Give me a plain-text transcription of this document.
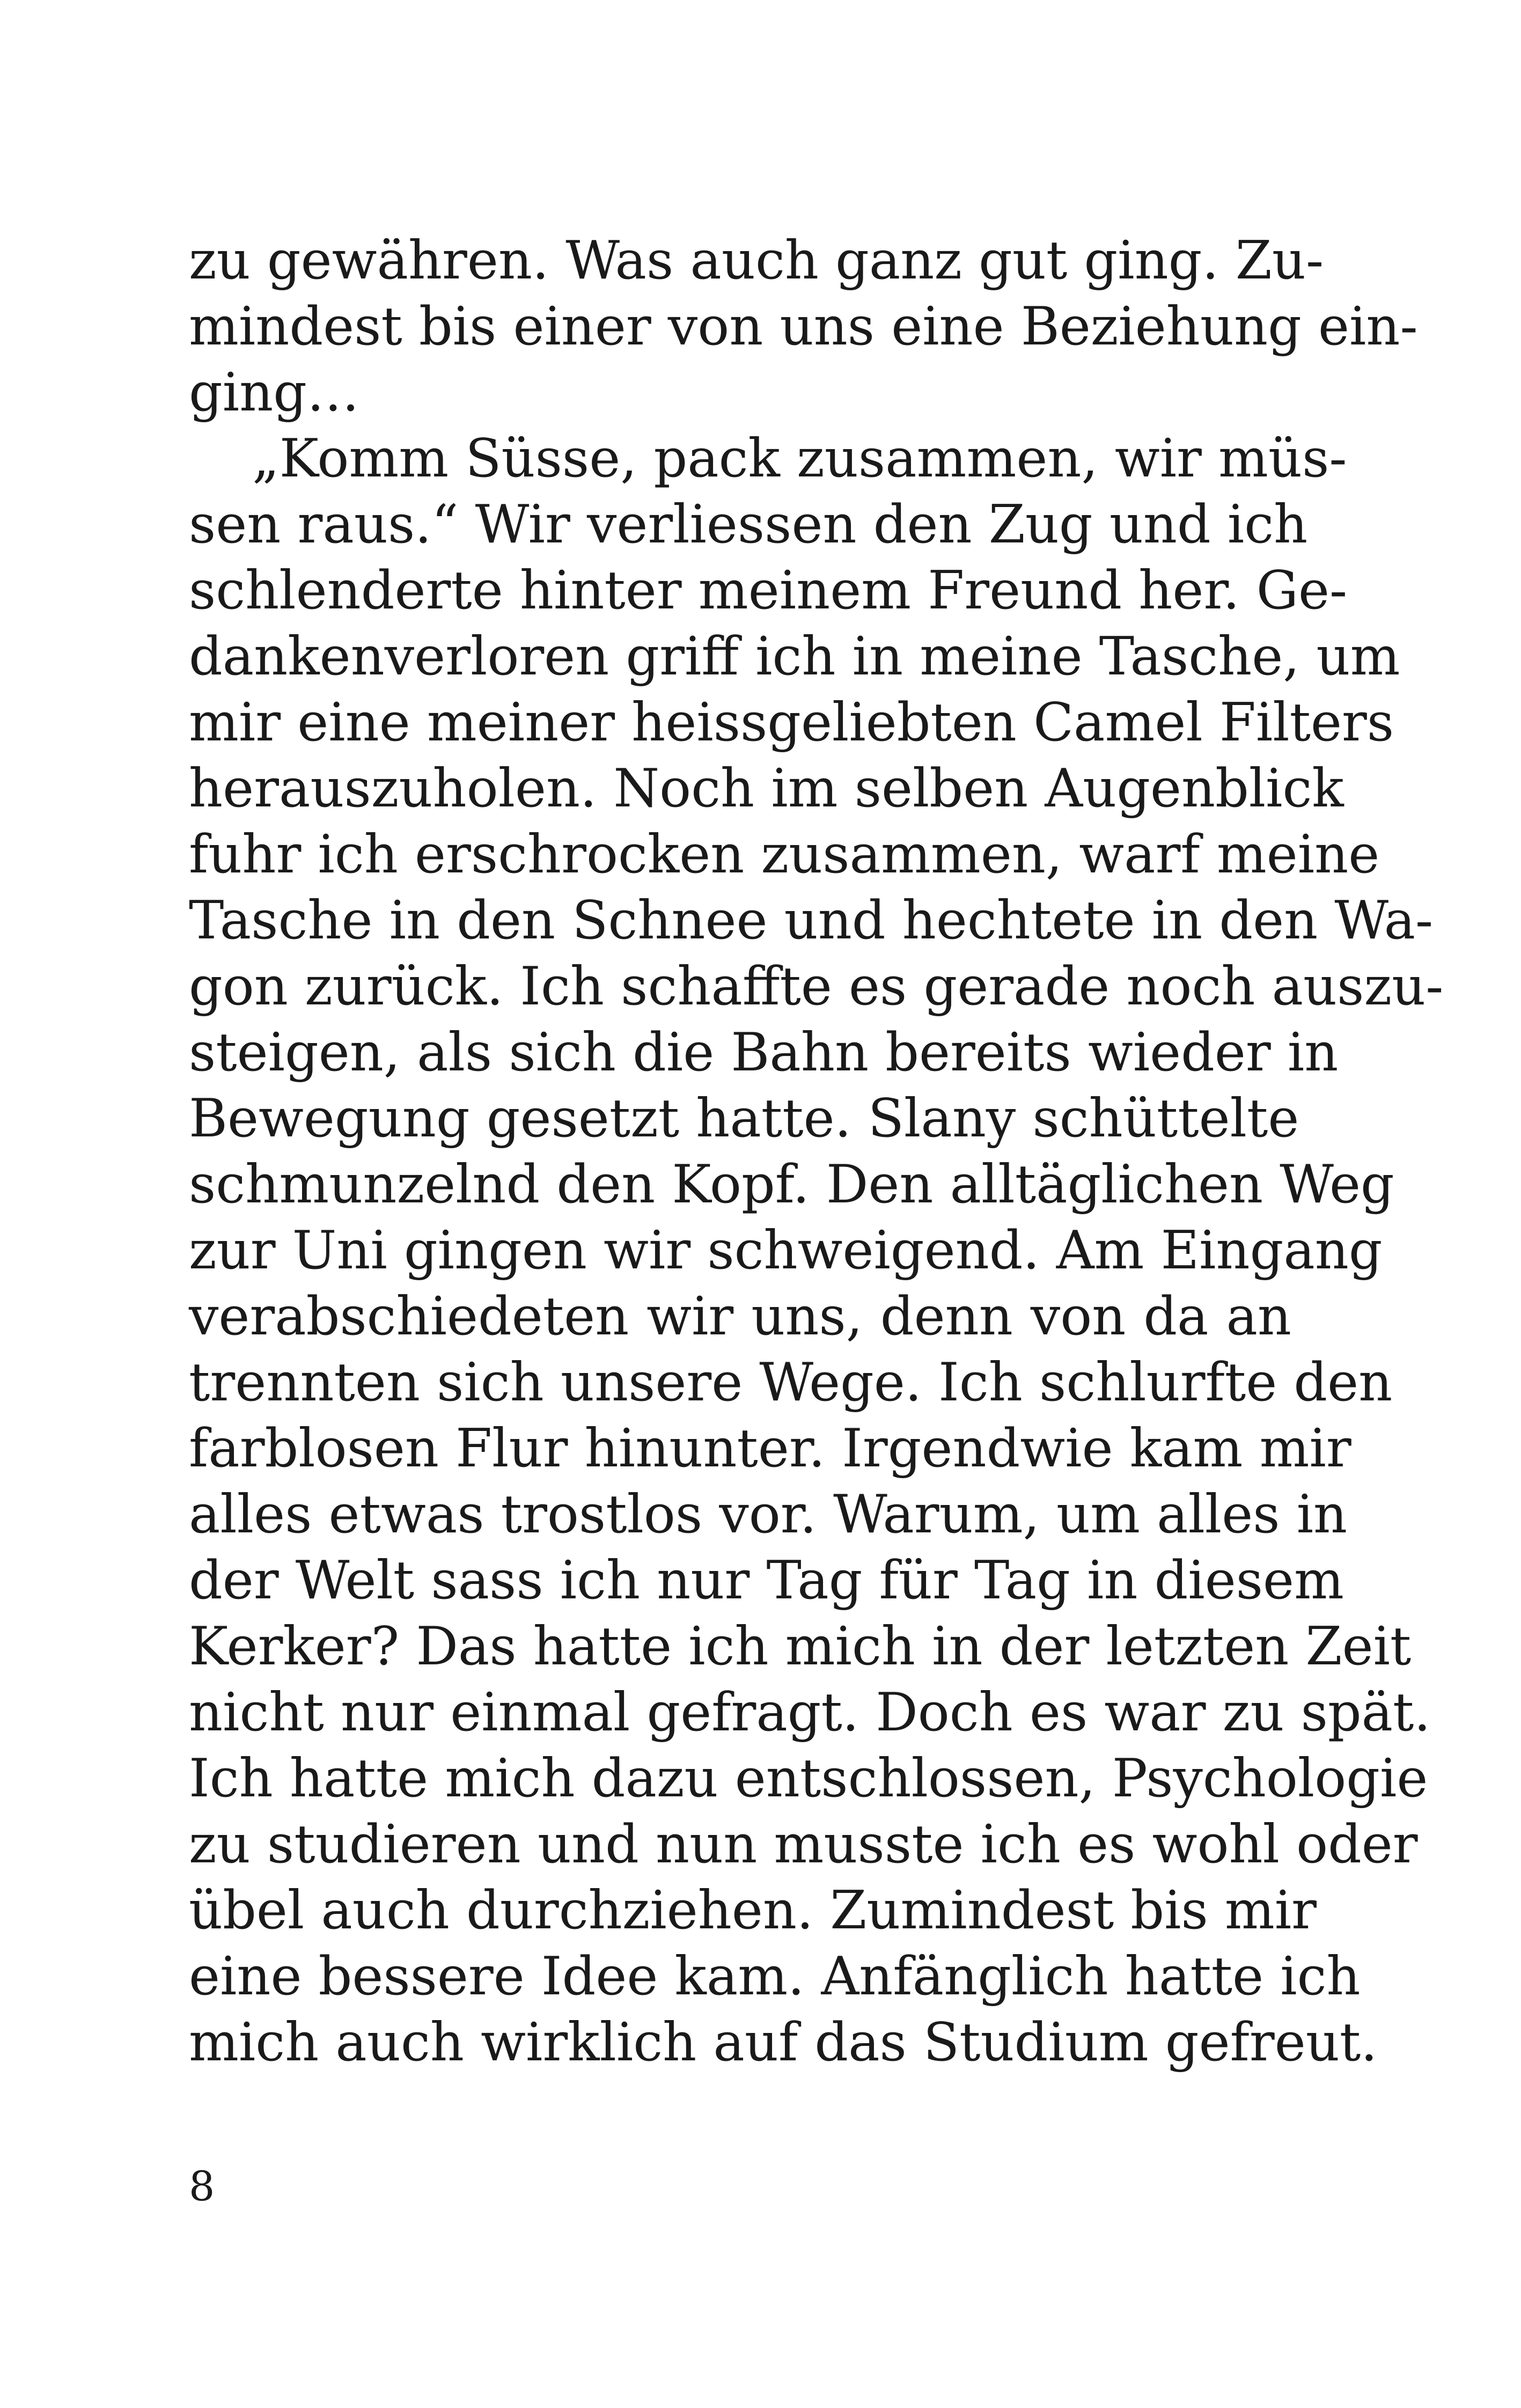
zu gewähren. Was auch ganz gut ging. Zu-
mindest bis einer von uns eine Beziehung ein-
ging…
„Komm Süsse, pack zusammen, wir müs-
sen raus.“ Wir verliessen den Zug und ich
schlenderte hinter meinem Freund her. Ge-
dankenverloren griff ich in meine Tasche, um
mir eine meiner heissgeliebten Camel Filters
herauszuholen. Noch im selben Augenblick
fuhr ich erschrocken zusammen, warf meine
Tasche in den Schnee und hechtete in den Wa-
gon zurück. Ich schaffte es gerade noch auszu-
steigen, als sich die Bahn bereits wieder in
Bewegung gesetzt hatte. Slany schüttelte
schmunzelnd den Kopf. Den alltäglichen Weg
zur Uni gingen wir schweigend. Am Eingang
verabschiedeten wir uns, denn von da an
trennten sich unsere Wege. Ich schlurfte den
farblosen Flur hinunter. Irgendwie kam mir
alles etwas trostlos vor. Warum, um alles in
der Welt sass ich nur Tag für Tag in diesem
Kerker? Das hatte ich mich in der letzten Zeit
nicht nur einmal gefragt. Doch es war zu spät.
Ich hatte mich dazu entschlossen, Psychologie
zu studieren und nun musste ich es wohl oder
übel auch durchziehen. Zumindest bis mir
eine bessere Idee kam. Anfänglich hatte ich
mich auch wirklich auf das Studium gefreut.
8
